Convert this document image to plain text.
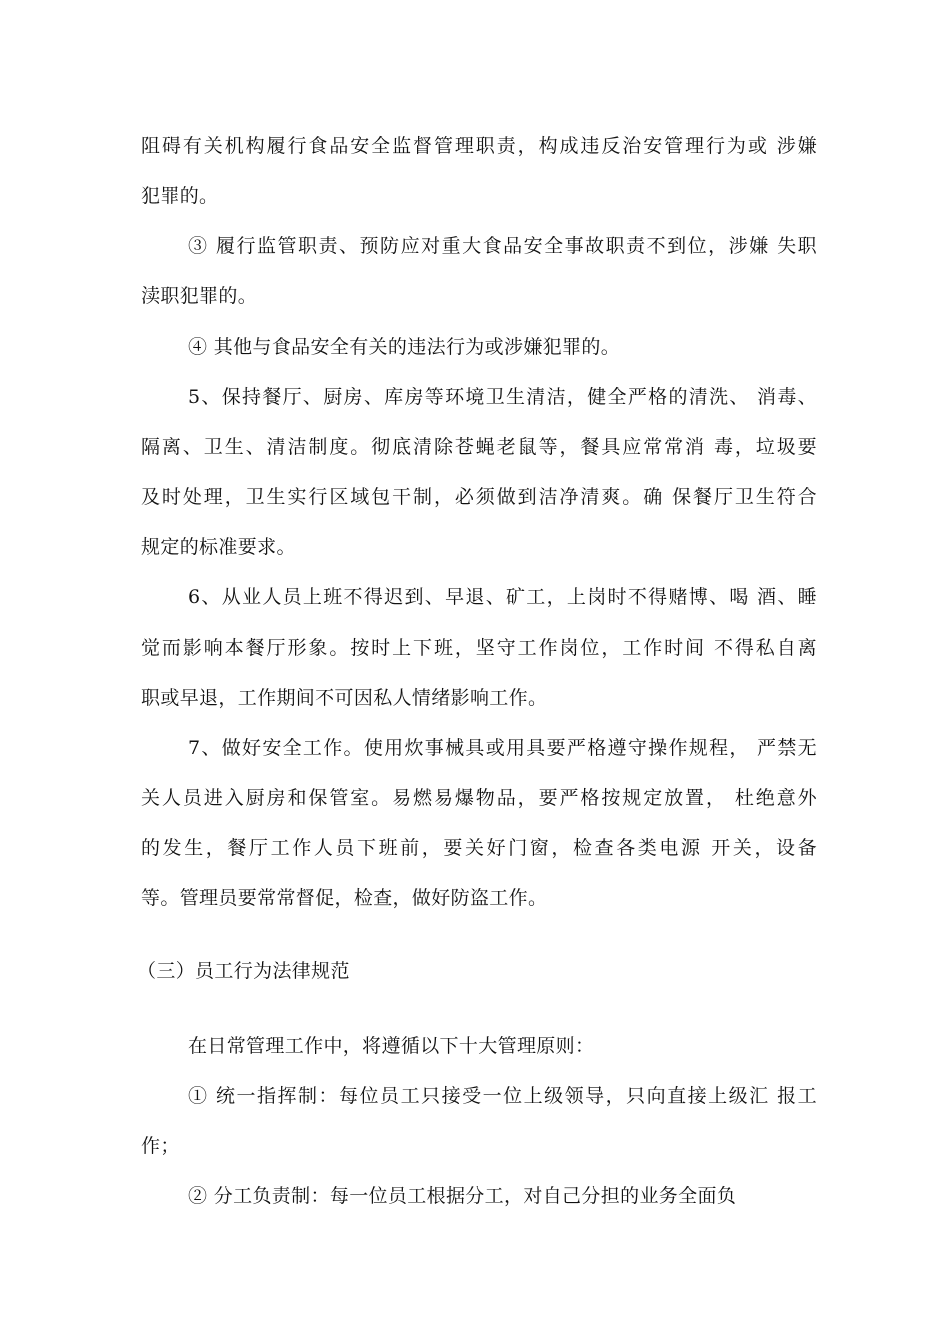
阻碍有关机构履行食品安全监督管理职责，构成违反治安管理行为或 涉嫌
犯罪的。
③ 履行监管职责、预防应对重大食品安全事故职责不到位，涉嫌 失职
渎职犯罪的。
④ 其他与食品安全有关的违法行为或涉嫌犯罪的。
5、保持餐厅、厨房、库房等环境卫生清洁，健全严格的清洗、 消毒、
隔离、卫生、清洁制度。彻底清除苍蝇老鼠等，餐具应常常消 毒，垃圾要
及时处理，卫生实行区域包干制，必须做到洁净清爽。确 保餐厅卫生符合
规定的标准要求。
6、从业人员上班不得迟到、早退、矿工，上岗时不得赌博、喝 酒、睡
觉而影响本餐厅形象。按时上下班，坚守工作岗位，工作时间 不得私自离
职或早退，工作期间不可因私人情绪影响工作。
7、做好安全工作。使用炊事械具或用具要严格遵守操作规程， 严禁无
关人员进入厨房和保管室。易燃易爆物品，要严格按规定放置， 杜绝意外
的发生，餐厅工作人员下班前，要关好门窗，检查各类电源 开关，设备
等。管理员要常常督促，检查，做好防盗工作。
（三）员工行为法律规范
在日常管理工作中，将遵循以下十大管理原则：
① 统一指挥制：每位员工只接受一位上级领导，只向直接上级汇 报工
作；
② 分工负责制：每一位员工根据分工，对自己分担的业务全面负
